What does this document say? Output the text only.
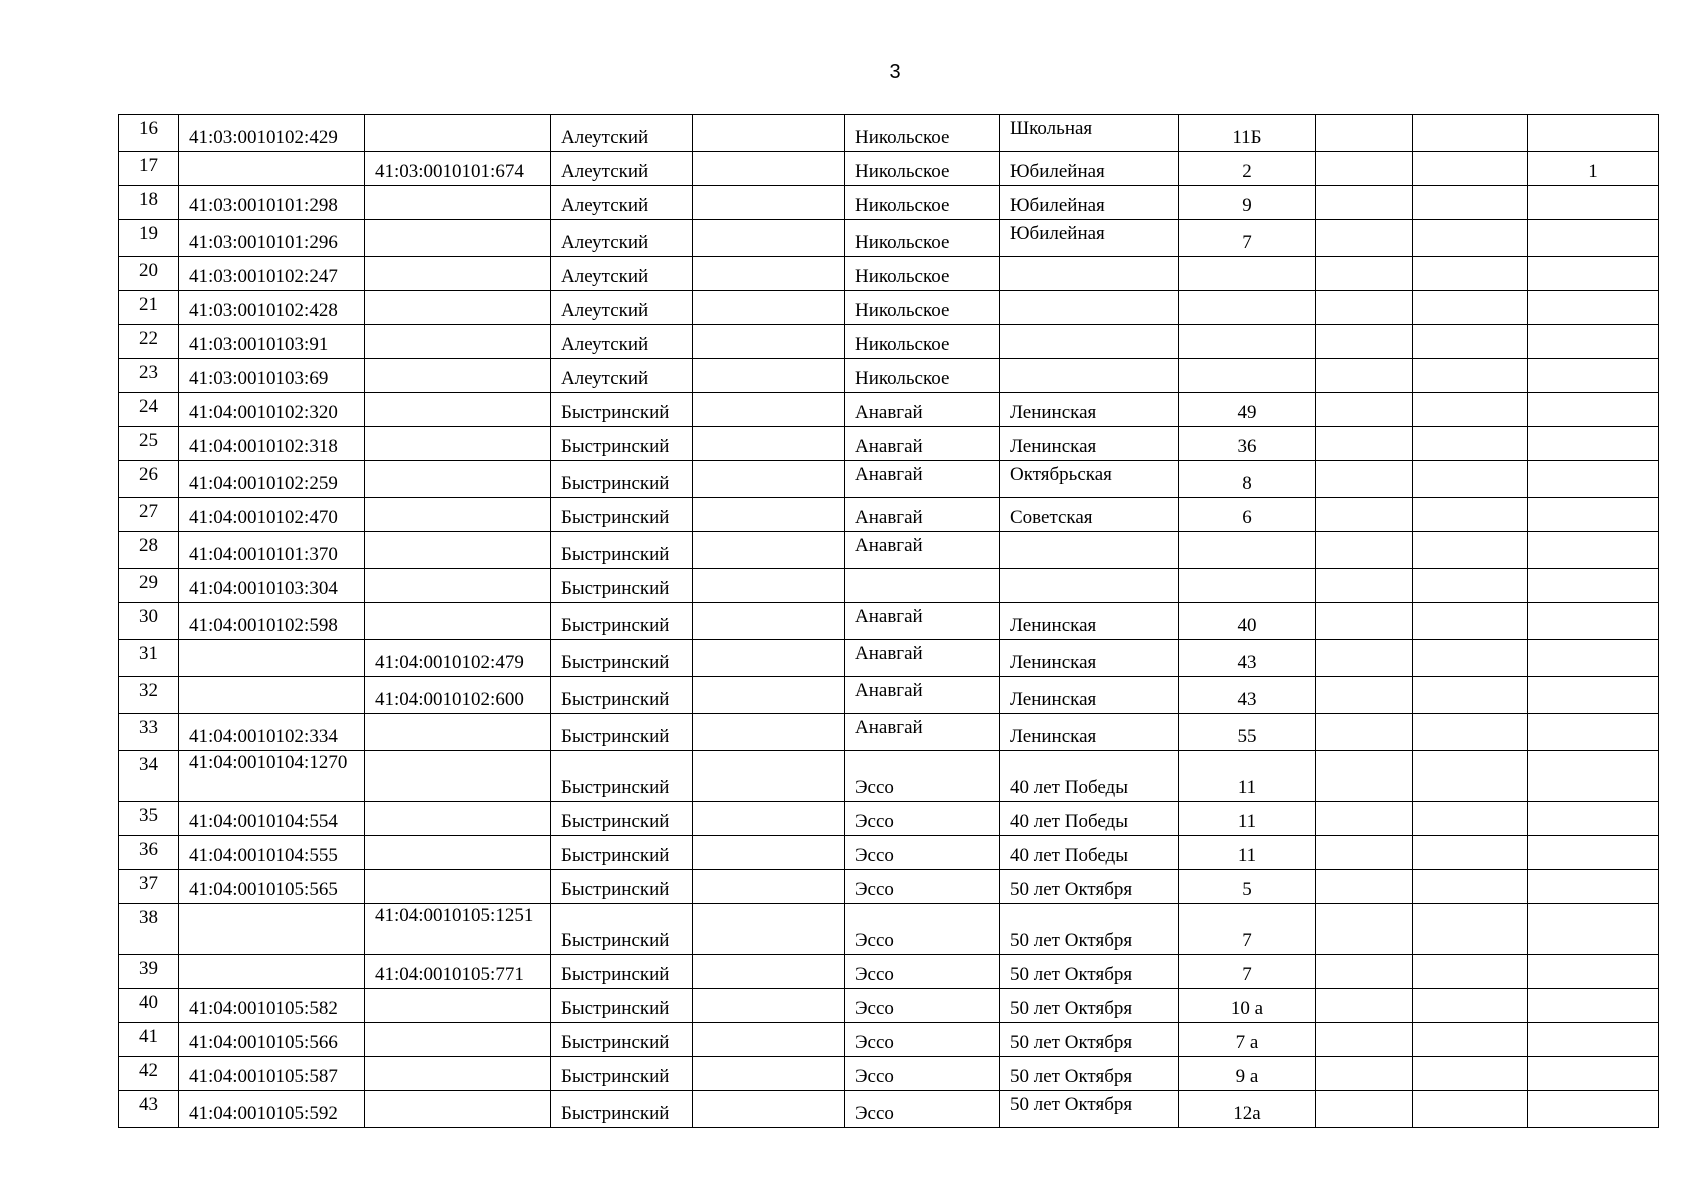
3
16	41:03:0010102:429		Алеутский		Никольское	Школьная	11Б			
17		41:03:0010101:674	Алеутский		Никольское	Юбилейная	2			1
18	41:03:0010101:298		Алеутский		Никольское	Юбилейная	9			
19	41:03:0010101:296		Алеутский		Никольское	Юбилейная	7			
20	41:03:0010102:247		Алеутский		Никольское					
21	41:03:0010102:428		Алеутский		Никольское					
22	41:03:0010103:91		Алеутский		Никольское					
23	41:03:0010103:69		Алеутский		Никольское					
24	41:04:0010102:320		Быстринский		Анавгай	Ленинская	49			
25	41:04:0010102:318		Быстринский		Анавгай	Ленинская	36			
26	41:04:0010102:259		Быстринский		Анавгай	Октябрьская	8			
27	41:04:0010102:470		Быстринский		Анавгай	Советская	6			
28	41:04:0010101:370		Быстринский		Анавгай					
29	41:04:0010103:304		Быстринский							
30	41:04:0010102:598		Быстринский		Анавгай	Ленинская	40			
31		41:04:0010102:479	Быстринский		Анавгай	Ленинская	43			
32		41:04:0010102:600	Быстринский		Анавгай	Ленинская	43			
33	41:04:0010102:334		Быстринский		Анавгай	Ленинская	55			
34	41:04:0010104:1270		Быстринский		Эссо	40 лет Победы	11			
35	41:04:0010104:554		Быстринский		Эссо	40 лет Победы	11			
36	41:04:0010104:555		Быстринский		Эссо	40 лет Победы	11			
37	41:04:0010105:565		Быстринский		Эссо	50 лет Октября	5			
38		41:04:0010105:1251	Быстринский		Эссо	50 лет Октября	7			
39		41:04:0010105:771	Быстринский		Эссо	50 лет Октября	7			
40	41:04:0010105:582		Быстринский		Эссо	50 лет Октября	10 а			
41	41:04:0010105:566		Быстринский		Эссо	50 лет Октября	7 а			
42	41:04:0010105:587		Быстринский		Эссо	50 лет Октября	9 а			
43	41:04:0010105:592		Быстринский		Эссо	50 лет Октября	12а			
